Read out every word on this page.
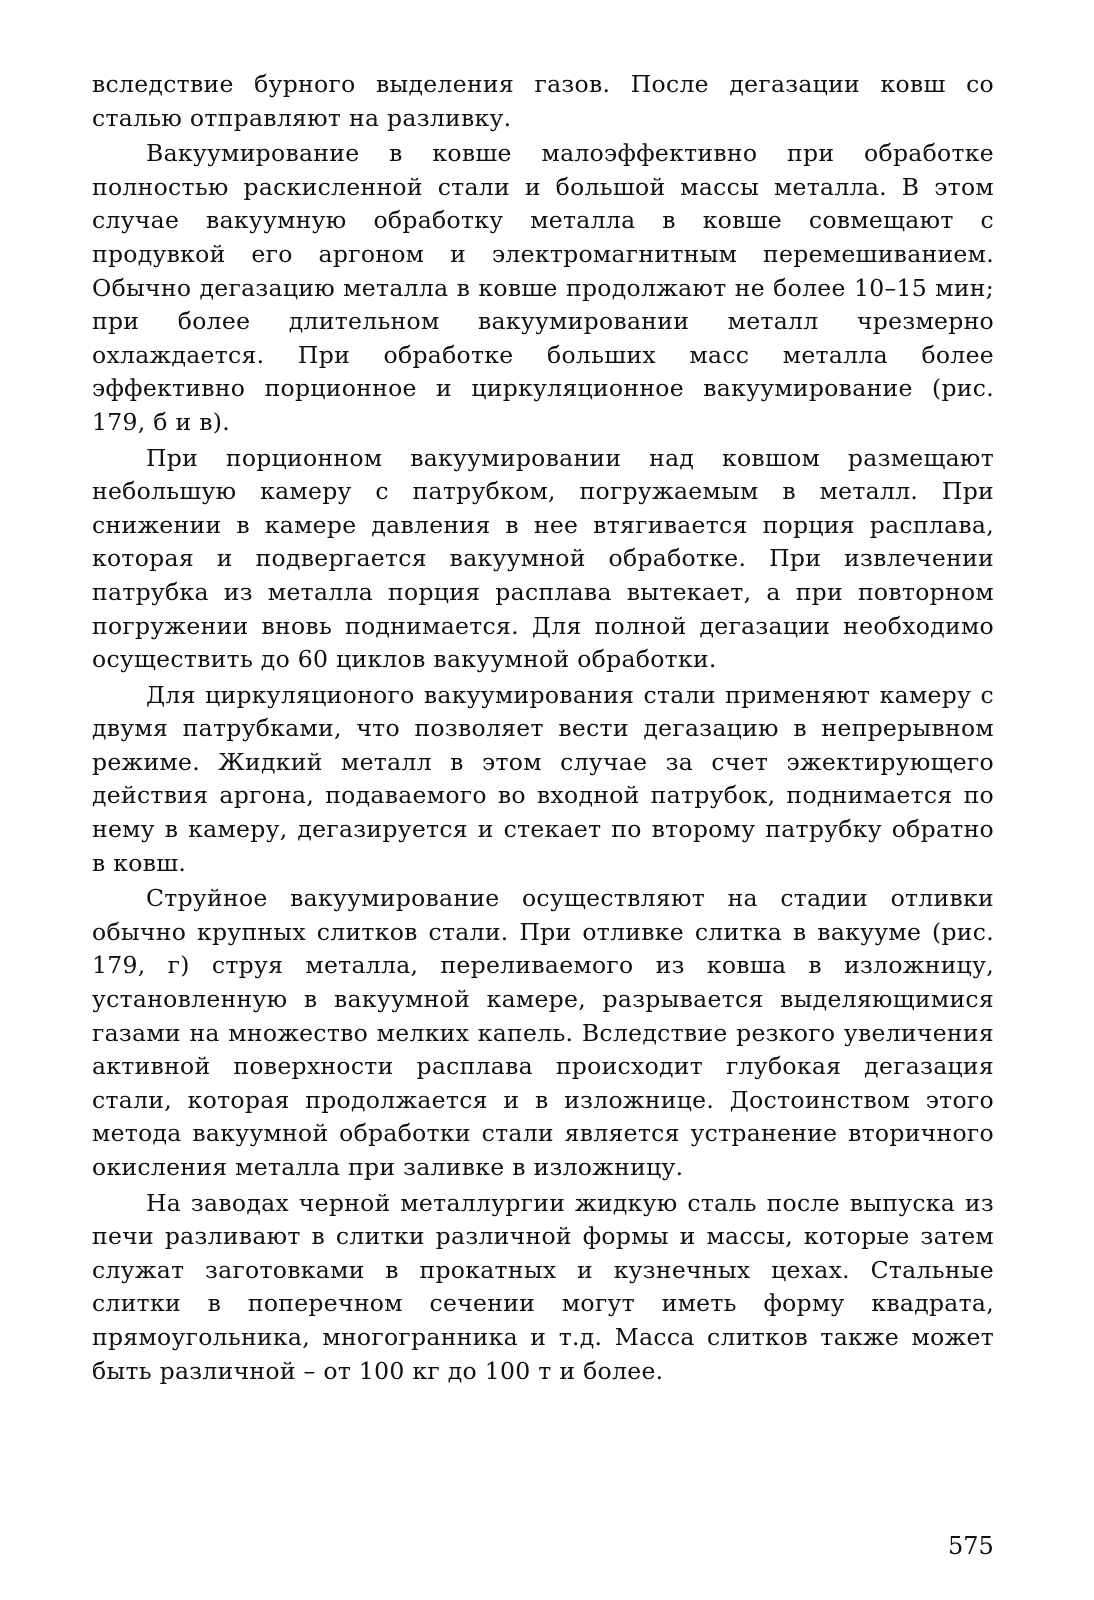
вследствие бурного выделения газов. После дегазации ковш со сталью отправляют на разливку.

Вакуумирование в ковше малоэффективно при обработке полностью раскисленной стали и большой массы металла. В этом случае вакуумную обработку металла в ковше совмещают с продувкой его аргоном и электромагнитным перемешиванием. Обычно дегазацию металла в ковше продолжают не более 10–15 мин; при более длительном вакуумировании металл чрезмерно охлаждается. При обработке больших масс металла более эффективно порционное и циркуляционное вакуумирование (рис. 179, б и в).

При порционном вакуумировании над ковшом размещают небольшую камеру с патрубком, погружаемым в металл. При снижении в камере давления в нее втягивается порция расплава, которая и подвергается вакуумной обработке. При извлечении патрубка из металла порция расплава вытекает, а при повторном погружении вновь поднимается. Для полной дегазации необходимо осуществить до 60 циклов вакуумной обработки.

Для циркуляционого вакуумирования стали применяют камеру с двумя патрубками, что позволяет вести дегазацию в непрерывном режиме. Жидкий металл в этом случае за счет эжектирующего действия аргона, подаваемого во входной патрубок, поднимается по нему в камеру, дегазируется и стекает по второму патрубку обратно в ковш.

Струйное вакуумирование осуществляют на стадии отливки обычно крупных слитков стали. При отливке слитка в вакууме (рис. 179, г) струя металла, переливаемого из ковша в изложницу, установленную в вакуумной камере, разрывается выделяющимися газами на множество мелких капель. Вследствие резкого увеличения активной поверхности расплава происходит глубокая дегазация стали, которая продолжается и в изложнице. Достоинством этого метода вакуумной обработки стали является устранение вторичного окисления металла при заливке в изложницу.

На заводах черной металлургии жидкую сталь после выпуска из печи разливают в слитки различной формы и массы, которые затем служат заготовками в прокатных и кузнечных цехах. Стальные слитки в поперечном сечении могут иметь форму квадрата, прямоугольника, многогранника и т.д. Масса слитков также может быть различной – от 100 кг до 100 т и более.

575
